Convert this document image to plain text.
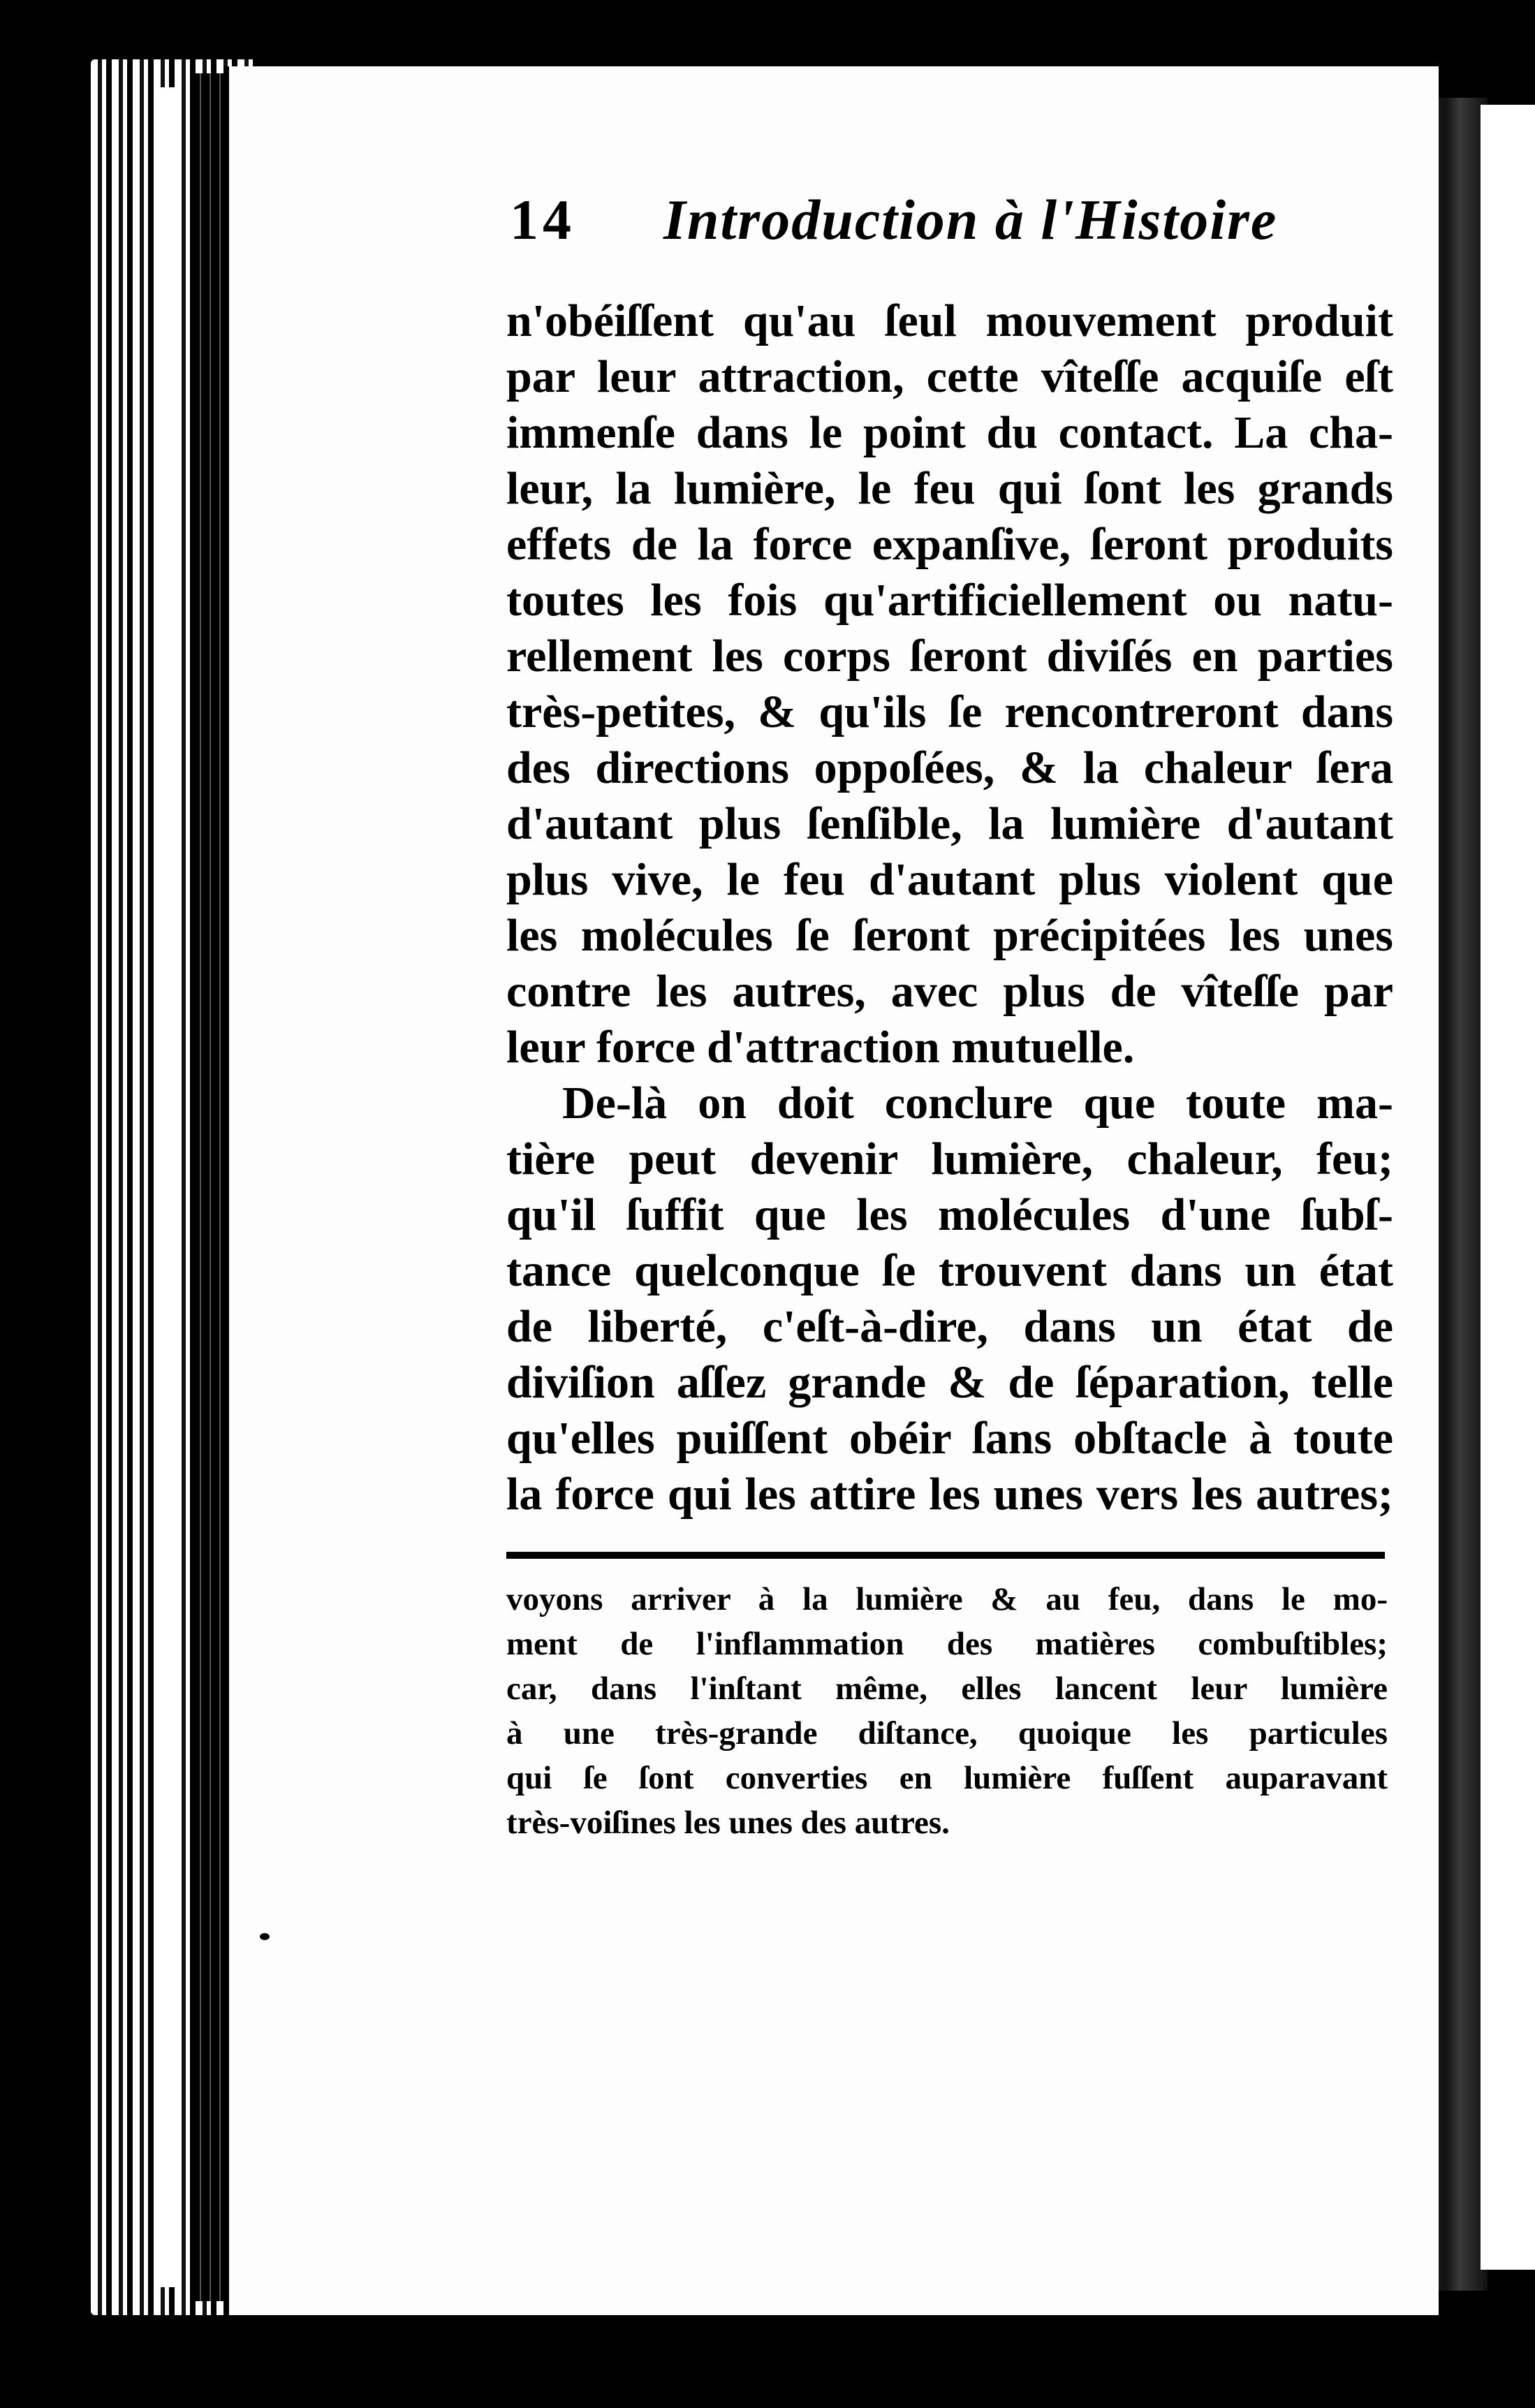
14 Introduction à l'Histoire
n'obéiſſent qu'au ſeul mouvement produit
par leur attraction, cette vîteſſe acquiſe eſt
immenſe dans le point du contact. La cha-
leur, la lumière, le feu qui ſont les grands
effets de la force expanſive, ſeront produits
toutes les fois qu'artificiellement ou natu-
rellement les corps ſeront diviſés en parties
très-petites, & qu'ils ſe rencontreront dans
des directions oppoſées, & la chaleur ſera
d'autant plus ſenſible, la lumière d'autant
plus vive, le feu d'autant plus violent que
les molécules ſe ſeront précipitées les unes
contre les autres, avec plus de vîteſſe par
leur force d'attraction mutuelle.
De-là on doit conclure que toute ma-
tière peut devenir lumière, chaleur, feu;
qu'il ſuffit que les molécules d'une ſubſ-
tance quelconque ſe trouvent dans un état
de liberté, c'eſt-à-dire, dans un état de
diviſion aſſez grande & de ſéparation, telle
qu'elles puiſſent obéir ſans obſtacle à toute
la force qui les attire les unes vers les autres;
voyons arriver à la lumière & au feu, dans le mo-
ment de l'inflammation des matières combuſtibles;
car, dans l'inſtant même, elles lancent leur lumière
à une très-grande diſtance, quoique les particules
qui ſe ſont converties en lumière fuſſent auparavant
très-voiſines les unes des autres.
